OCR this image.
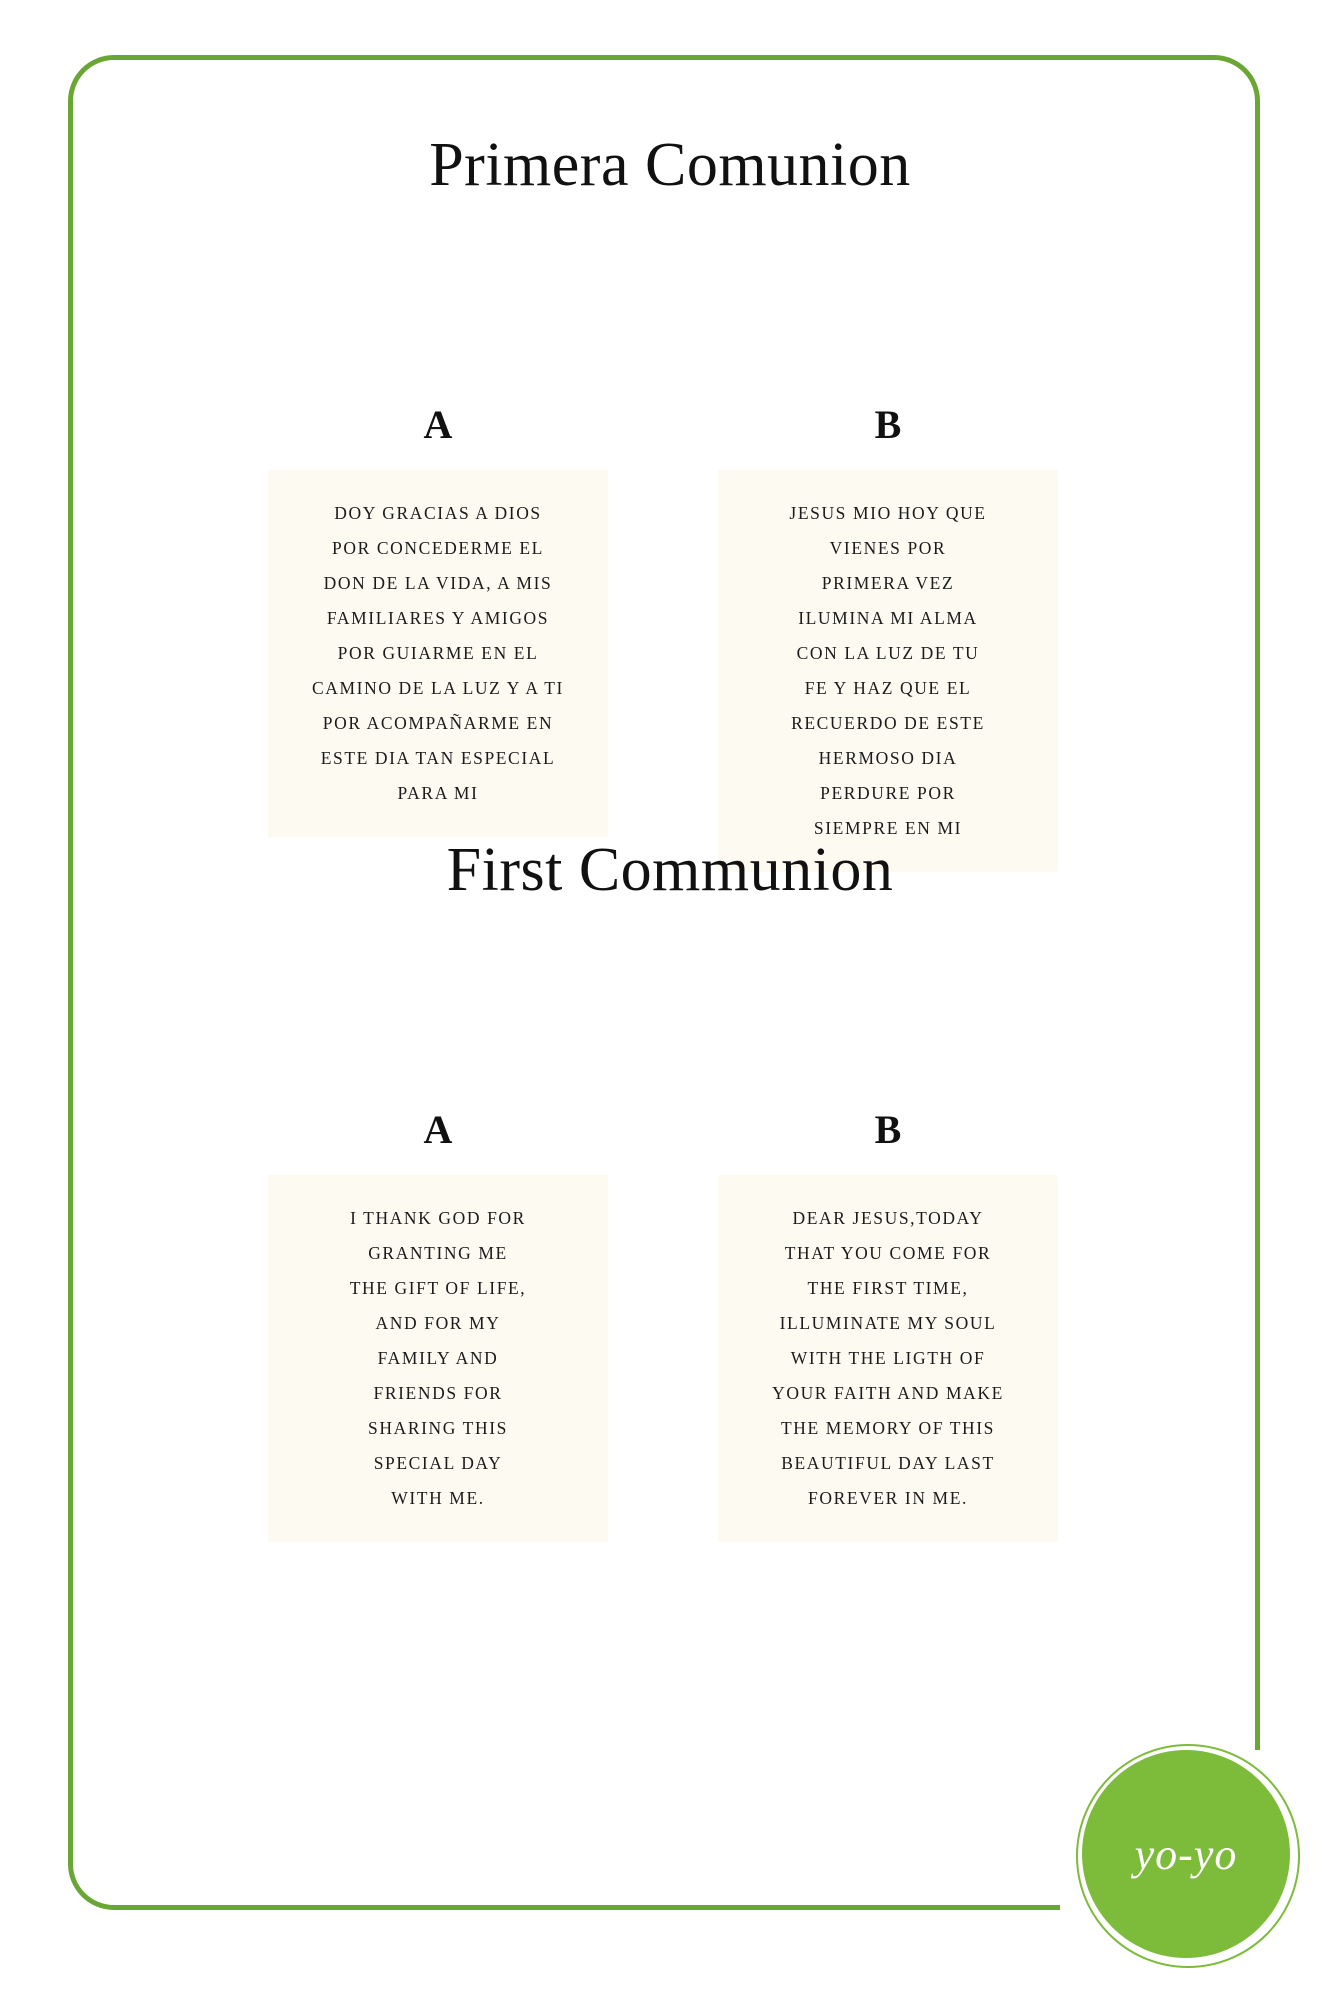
Primera Comunion
A

DOY GRACIAS A DIOS

POR CONCEDERME EL

DON DE LA VIDA, A MIS

FAMILIARES Y AMIGOS

POR GUIARME EN EL

CAMINO DE LA LUZ Y A TI

POR ACOMPAÑARME EN

ESTE DIA TAN ESPECIAL

PARA MI

B

JESUS MIO HOY QUE

VIENES POR

PRIMERA VEZ

ILUMINA MI ALMA

CON LA LUZ DE TU

FE Y HAZ QUE EL

RECUERDO DE ESTE

HERMOSO DIA

PERDURE POR

SIEMPRE EN MI

First Communion
A

I THANK GOD FOR

GRANTING ME

THE GIFT OF LIFE,

AND FOR MY

FAMILY AND

FRIENDS FOR

SHARING THIS

SPECIAL DAY

WITH ME.

B

DEAR JESUS,TODAY

THAT YOU COME FOR

THE FIRST TIME,

ILLUMINATE MY SOUL

WITH THE LIGTH OF

YOUR FAITH AND MAKE

THE MEMORY OF THIS

BEAUTIFUL DAY LAST

FOREVER IN ME.

yo-yo
